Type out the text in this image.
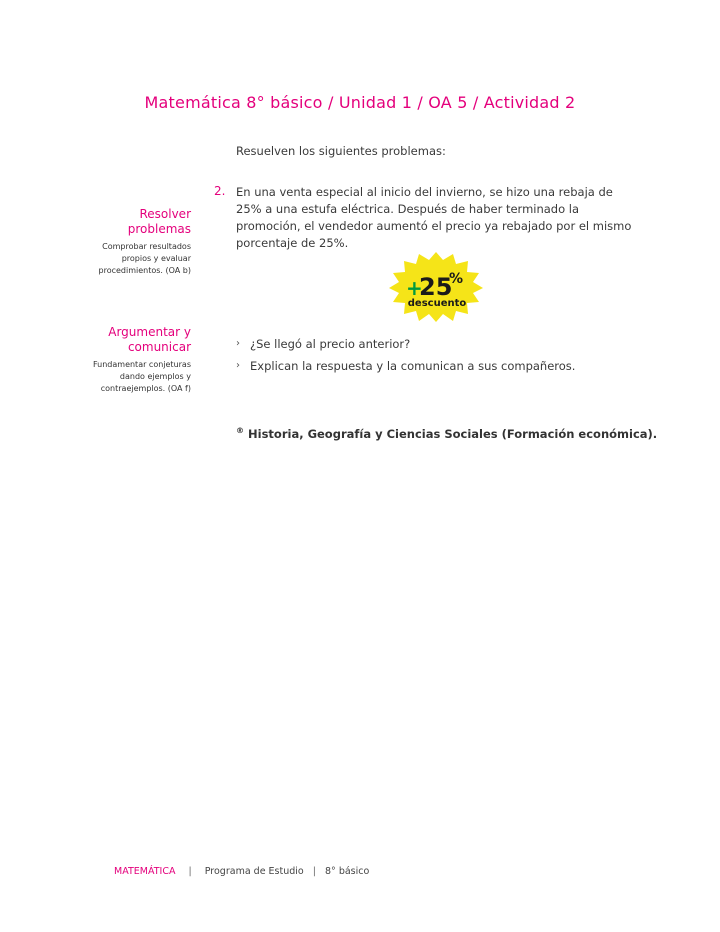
Matemática 8° básico / Unidad 1 / OA 5 / Actividad 2
Resuelven los siguientes problemas:
2. En una venta especial al inicio del invierno, se hizo una rebaja de 25% a una estufa eléctrica. Después de haber terminado la promoción, el vendedor aumentó el precio ya rebajado por el mismo porcentaje de 25%.
Resolver problemas
Comprobar resultados propios y evaluar procedimientos. (OA b)
Argumentar y comunicar
Fundamentar conjeturas dando ejemplos y contraejemplos. (OA f)
+
25
%
descuento
› ¿Se llegó al precio anterior?
› Explican la respuesta y la comunican a sus compañeros.
® Historia, Geografía y Ciencias Sociales (Formación económica).
MATEMÁTICA | Programa de Estudio | 8° básico
